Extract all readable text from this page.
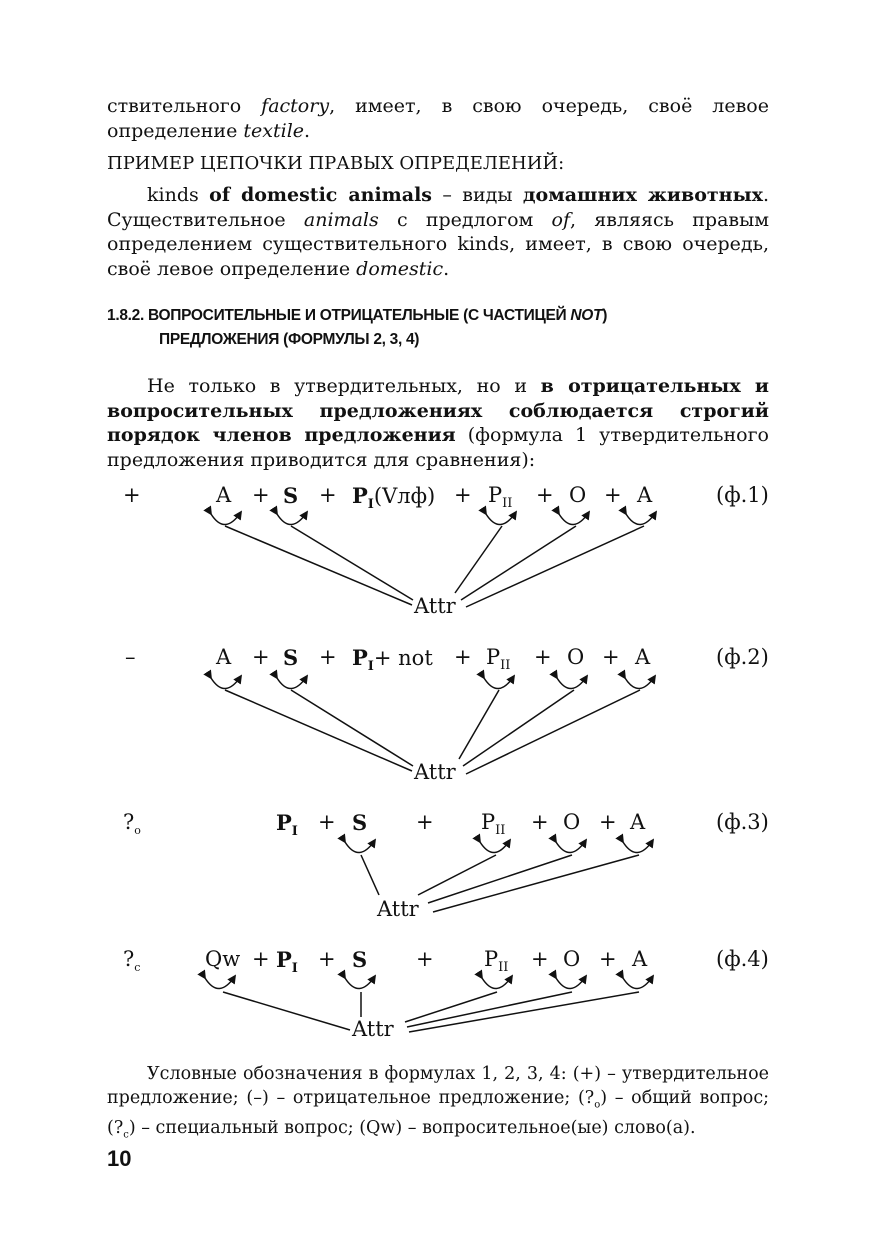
ствительного factory, имеет, в свою очередь, своё левое определение textile.

ПРИМЕР ЦЕПОЧКИ ПРАВЫХ ОПРЕДЕЛЕНИЙ:

kinds of domestic animals – виды домашних животных. Существительное animals с предлогом of, являясь правым определением существительного kinds, имеет, в свою очередь, своё левое определение domestic.

1.8.2. ВОПРОСИТЕЛЬНЫЕ И ОТРИЦАТЕЛЬНЫЕ (С ЧАСТИЦЕЙ NOT)
ПРЕДЛОЖЕНИЯ (ФОРМУЛЫ 2, 3, 4)

Не только в утвердительных, но и в отрицательных и вопросительных предложениях соблюдается строгий порядок членов предложения (формула 1 утвердительного предложения приводится для сравнения):

+	$A + S + P_I(Vлф) + P_{II} + O + A$	(ф.1)
Attr
–	$A + S + P_I+$ not + $P_{II} + O + A$	(ф.2)
Attr
$?_о$	$P_I + S + P_{II} + O + A$	(ф.3)
Attr
$?_с$	$Qw + P_I + S + P_{II} + O + A$	(ф.4)
Attr

Условные обозначения в формулах 1, 2, 3, 4: (+) – утвердительное предложение; (–) – отрицательное предложение; $(?_о)$ – общий вопрос; $(?_с)$ – специальный вопрос; (Qw) – вопросительное(ые) слово(а).

10
